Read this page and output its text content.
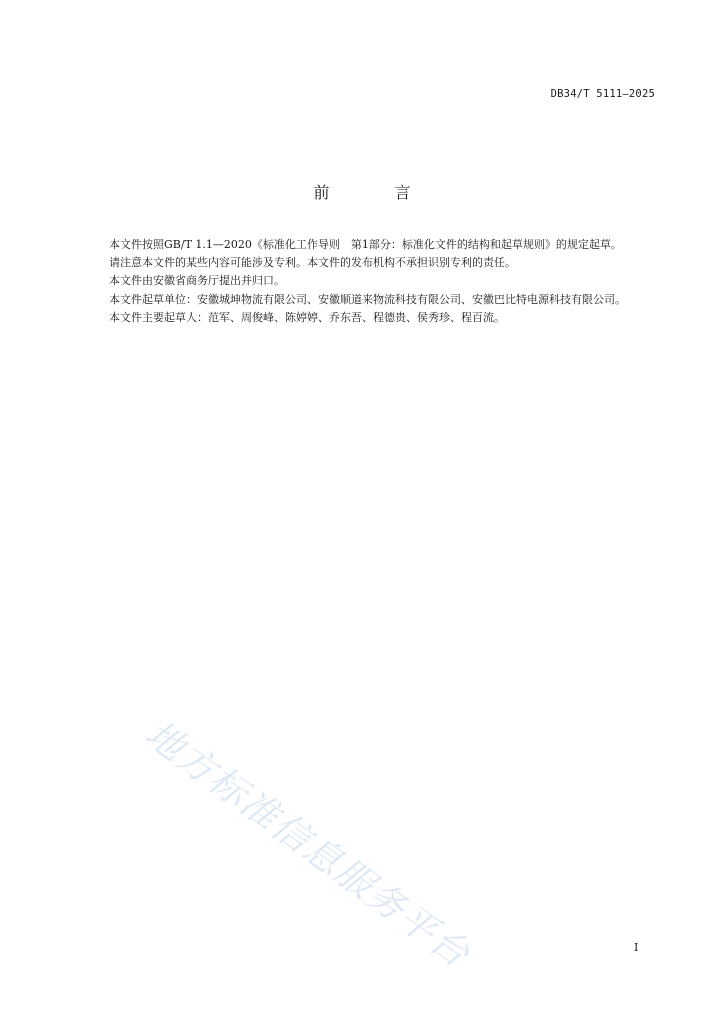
DB34/T 5111—2025
前 言

本文件按照GB/T 1.1—2020《标准化工作导则　第1部分：标准化文件的结构和起草规则》的规定起草。

请注意本文件的某些内容可能涉及专利。本文件的发布机构不承担识别专利的责任。

本文件由安徽省商务厅提出并归口。

本文件起草单位：安徽城坤物流有限公司、安徽顺道来物流科技有限公司、安徽巴比特电源科技有限公司。

本文件主要起草人：范军、周俊峰、陈婷婷、乔东吾、程德贵、侯秀珍、程百流。

地方标准信息服务平台	I
